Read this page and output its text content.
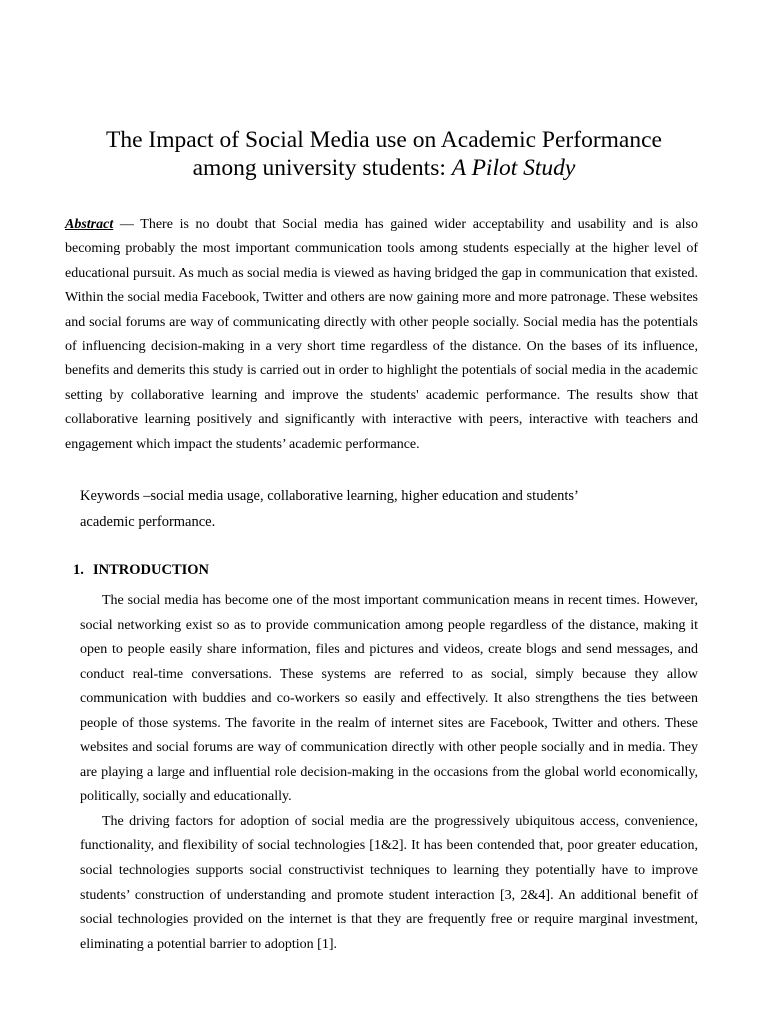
The Impact of Social Media use on Academic Performance
among university students: A Pilot Study
Abstract — There is no doubt that Social media has gained wider acceptability and usability and is also becoming probably the most important communication tools among students especially at the higher level of educational pursuit. As much as social media is viewed as having bridged the gap in communication that existed. Within the social media Facebook, Twitter and others are now gaining more and more patronage. These websites and social forums are way of communicating directly with other people socially. Social media has the potentials of influencing decision-making in a very short time regardless of the distance. On the bases of its influence, benefits and demerits this study is carried out in order to highlight the potentials of social media in the academic setting by collaborative learning and improve the students' academic performance. The results show that collaborative learning positively and significantly with interactive with peers, interactive with teachers and engagement which impact the students’ academic performance.
Keywords –social media usage, collaborative learning, higher education and students’ academic performance.
1. INTRODUCTION

The social media has become one of the most important communication means in recent times. However, social networking exist so as to provide communication among people regardless of the distance, making it open to people easily share information, files and pictures and videos, create blogs and send messages, and conduct real-time conversations. These systems are referred to as social, simply because they allow communication with buddies and co-workers so easily and effectively. It also strengthens the ties between people of those systems. The favorite in the realm of internet sites are Facebook, Twitter and others. These websites and social forums are way of communication directly with other people socially and in media. They are playing a large and influential role decision-making in the occasions from the global world economically, politically, socially and educationally.

The driving factors for adoption of social media are the progressively ubiquitous access, convenience, functionality, and flexibility of social technologies [1&2]. It has been contended that, poor greater education, social technologies supports social constructivist techniques to learning they potentially have to improve students’ construction of understanding and promote student interaction [3, 2&4]. An additional benefit of social technologies provided on the internet is that they are frequently free or require marginal investment, eliminating a potential barrier to adoption [1].
